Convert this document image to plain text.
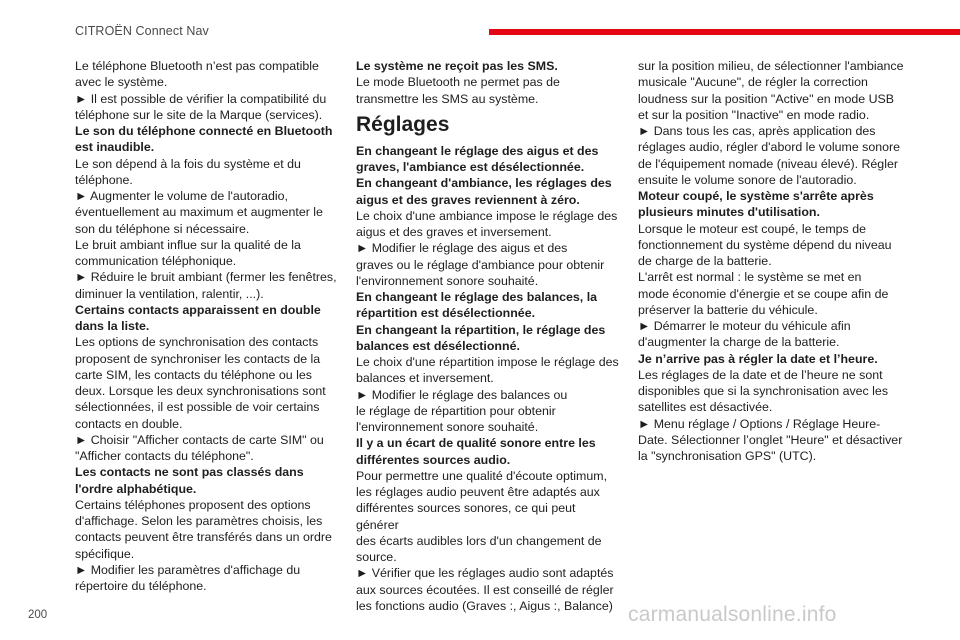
CITROËN Connect Nav

Le téléphone Bluetooth n’est pas compatible
avec le système.

► Il est possible de vérifier la compatibilité du
téléphone sur le site de la Marque (services).

Le son du téléphone connecté en Bluetooth
est inaudible.

Le son dépend à la fois du système et du
téléphone.

► Augmenter le volume de l'autoradio,
éventuellement au maximum et augmenter le
son du téléphone si nécessaire.

Le bruit ambiant influe sur la qualité de la
communication téléphonique.

► Réduire le bruit ambiant (fermer les fenêtres,
diminuer la ventilation, ralentir, ...).

Certains contacts apparaissent en double
dans la liste.

Les options de synchronisation des contacts
proposent de synchroniser les contacts de la
carte SIM, les contacts du téléphone ou les
deux. Lorsque les deux synchronisations sont
sélectionnées, il est possible de voir certains
contacts en double.

► Choisir "Afficher contacts de carte SIM" ou
"Afficher contacts du téléphone".

Les contacts ne sont pas classés dans
l'ordre alphabétique.

Certains téléphones proposent des options
d'affichage. Selon les paramètres choisis, les
contacts peuvent être transférés dans un ordre
spécifique.

► Modifier les paramètres d'affichage du
répertoire du téléphone.

Le système ne reçoit pas les SMS.

Le mode Bluetooth ne permet pas de
transmettre les SMS au système.

Réglages

En changeant le réglage des aigus et des
graves, l'ambiance est désélectionnée.
En changeant d'ambiance, les réglages des
aigus et des graves reviennent à zéro.

Le choix d'une ambiance impose le réglage des
aigus et des graves et inversement.

► Modifier le réglage des aigus et des
graves ou le réglage d'ambiance pour obtenir
l'environnement sonore souhaité.

En changeant le réglage des balances, la
répartition est désélectionnée.
En changeant la répartition, le réglage des
balances est désélectionné.

Le choix d'une répartition impose le réglage des
balances et inversement.

► Modifier le réglage des balances ou
le réglage de répartition pour obtenir
l'environnement sonore souhaité.

Il y a un écart de qualité sonore entre les
différentes sources audio.

Pour permettre une qualité d'écoute optimum,
les réglages audio peuvent être adaptés aux
différentes sources sonores, ce qui peut générer
des écarts audibles lors d'un changement de
source.

► Vérifier que les réglages audio sont adaptés
aux sources écoutées. Il est conseillé de régler
les fonctions audio (Graves :, Aigus :, Balance)

sur la position milieu, de sélectionner l'ambiance
musicale "Aucune", de régler la correction
loudness sur la position "Active" en mode USB
et sur la position "Inactive" en mode radio.

► Dans tous les cas, après application des
réglages audio, régler d'abord le volume sonore
de l'équipement nomade (niveau élevé). Régler
ensuite le volume sonore de l'autoradio.

Moteur coupé, le système s'arrête après
plusieurs minutes d'utilisation.

Lorsque le moteur est coupé, le temps de
fonctionnement du système dépend du niveau
de charge de la batterie.

L'arrêt est normal : le système se met en
mode économie d'énergie et se coupe afin de
préserver la batterie du véhicule.

► Démarrer le moteur du véhicule afin
d'augmenter la charge de la batterie.

Je n’arrive pas à régler la date et l’heure.

Les réglages de la date et de l’heure ne sont
disponibles que si la synchronisation avec les
satellites est désactivée.

► Menu réglage / Options / Réglage Heure-
Date. Sélectionner l’onglet "Heure" et désactiver
la "synchronisation GPS" (UTC).

200	carmanualsonline.info
